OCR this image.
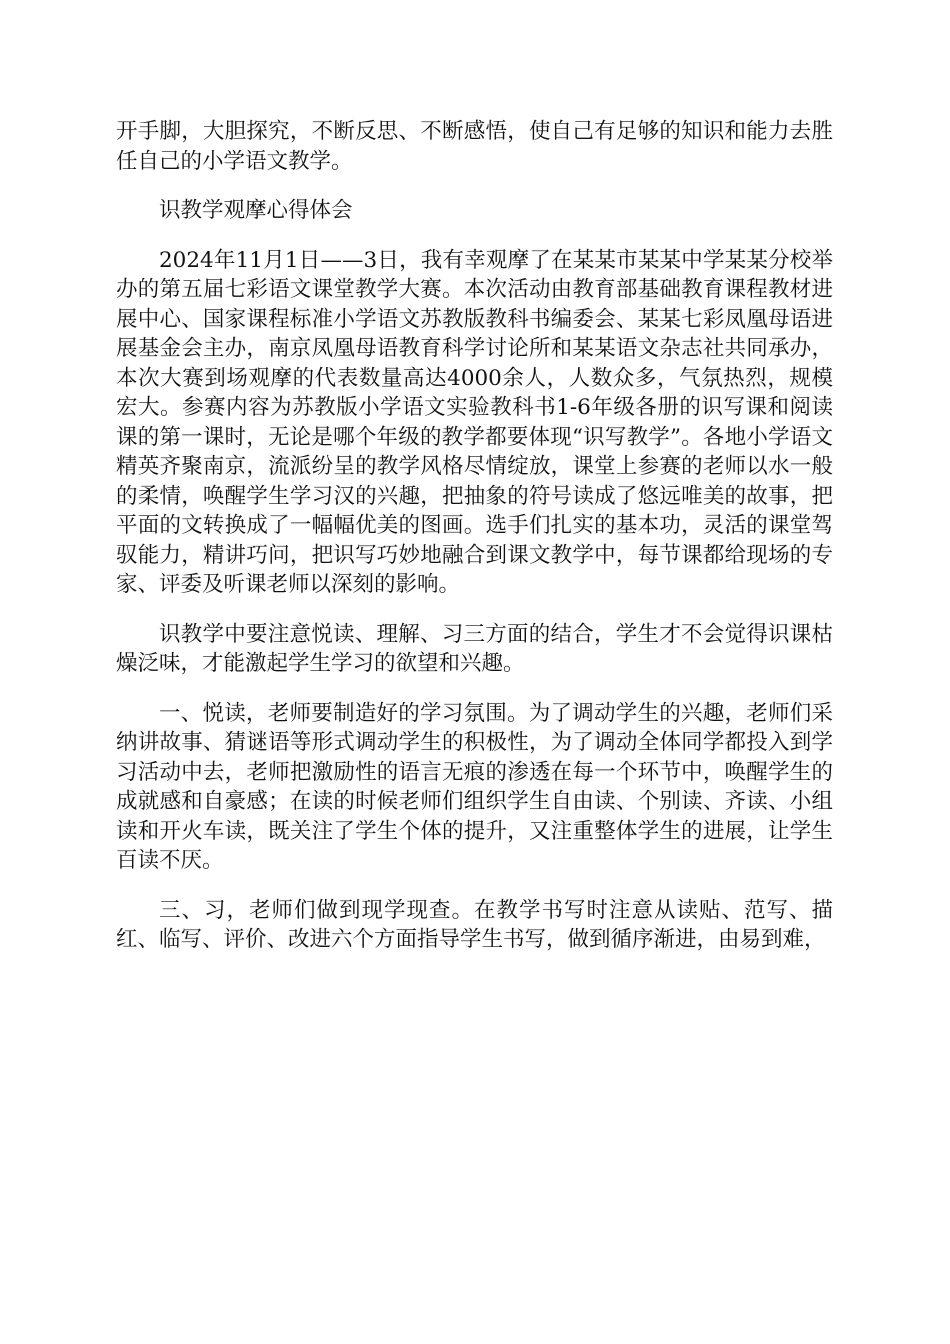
开手脚，大胆探究，不断反思、不断感悟，使自己有足够的知识和能力去胜任自己的小学语文教学。

识教学观摩心得体会

2024年11月1日——3日，我有幸观摩了在某某市某某中学某某分校举办的第五届七彩语文课堂教学大赛。本次活动由教育部基础教育课程教材进展中心、国家课程标准小学语文苏教版教科书编委会、某某七彩凤凰母语进展基金会主办，南京凤凰母语教育科学讨论所和某某语文杂志社共同承办，本次大赛到场观摩的代表数量高达4000余人，人数众多，气氛热烈，规模宏大。参赛内容为苏教版小学语文实验教科书1-6年级各册的识写课和阅读课的第一课时，无论是哪个年级的教学都要体现“识写教学”。各地小学语文精英齐聚南京，流派纷呈的教学风格尽情绽放，课堂上参赛的老师以水一般的柔情，唤醒学生学习汉的兴趣，把抽象的符号读成了悠远唯美的故事，把平面的文转换成了一幅幅优美的图画。选手们扎实的基本功，灵活的课堂驾驭能力，精讲巧问，把识写巧妙地融合到课文教学中，每节课都给现场的专家、评委及听课老师以深刻的影响。

识教学中要注意悦读、理解、习三方面的结合，学生才不会觉得识课枯燥泛味，才能激起学生学习的欲望和兴趣。

一、悦读，老师要制造好的学习氛围。为了调动学生的兴趣，老师们采纳讲故事、猜谜语等形式调动学生的积极性，为了调动全体同学都投入到学习活动中去，老师把激励性的语言无痕的渗透在每一个环节中，唤醒学生的成就感和自豪感；在读的时候老师们组织学生自由读、个别读、齐读、小组读和开火车读，既关注了学生个体的提升，又注重整体学生的进展，让学生百读不厌。

三、习，老师们做到现学现查。在教学书写时注意从读贴、范写、描红、临写、评价、改进六个方面指导学生书写，做到循序渐进，由易到难，
